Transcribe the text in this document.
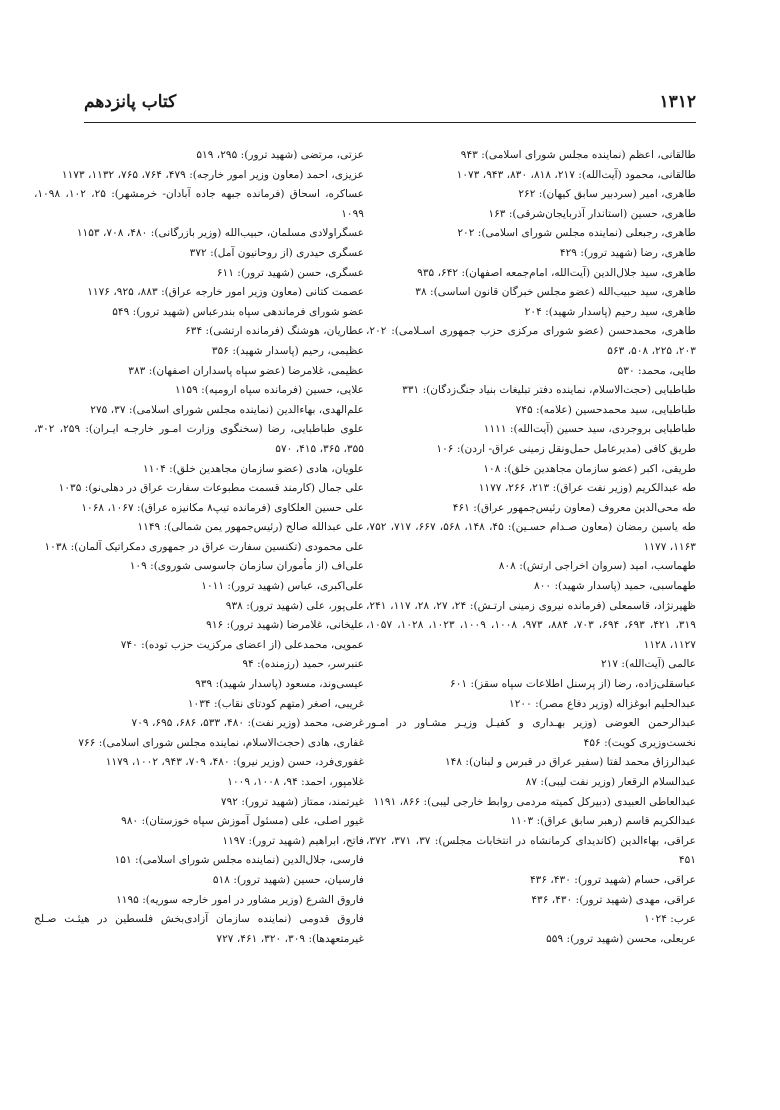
۱۳۱۲
کتاب پانزدهم
طالقانی، اعظم (نماینده مجلس شورای اسلامی): ۹۴۳
طالقانی، محمود (آیت‌الله): ۲۱۷، ۸۱۸، ۸۳۰، ۹۴۳، ۱۰۷۳
طاهری، امیر (سردبیر سابق کیهان): ۲۶۲
طاهری، حسین (استاندار آذربایجان‌شرقی): ۱۶۳
طاهری، رجبعلی (نماینده مجلس شورای اسلامی): ۲۰۲
طاهری، رضا (شهید ترور): ۴۲۹
طاهری، سید جلال‌الدین (آیت‌الله، امام‌جمعه اصفهان): ۶۴۲، ۹۳۵
طاهری، سید حبیب‌الله (عضو مجلس خبرگان قانون اساسی): ۳۸
طاهری، سید رحیم (پاسدار شهید): ۲۰۴
طاهری، محمدحسن (عضو شورای مرکزی حزب جمهوری اسـلامی): ۲۰۲، ۲۰۳، ۲۲۵، ۵۰۸، ۵۶۳
طایی، محمد: ۵۳۰
طباطبایی (حجت‌الاسلام، نماینده دفتر تبلیغات بنیاد جنگ‌زدگان): ۳۳۱
طباطبایی، سید محمدحسین (علامه): ۷۴۵
طباطبایی بروجردی، سید حسین (آیت‌الله): ۱۱۱۱
طریق کافی (مدیرعامل حمل‌ونقل زمینی عراق- اردن): ۱۰۶
طریقی، اکبر (عضو سازمان مجاهدین خلق): ۱۰۸
طه عبدالکریم (وزیر نفت عراق): ۲۱۳، ۲۶۶، ۱۱۷۷
طه محی‌الدین معروف (معاون رئیس‌جمهور عراق): ۴۶۱
طه یاسین رمضان (معاون صـدام حسـین): ۴۵، ۱۴۸، ۵۶۸، ۶۶۷، ۷۱۷، ۷۵۲، ۱۱۶۳، ۱۱۷۷
طهماسب، امید (سروان اخراجی ارتش): ۸۰۸
طهماسبی، حمید (پاسدار شهید): ۸۰۰
ظهیرنژاد، قاسمعلی (فرمانده نیروی زمینی ارتـش): ۲۴، ۲۷، ۲۸، ۱۱۷، ۲۴۱، ۳۱۹، ۴۲۱، ۶۹۳، ۶۹۴، ۷۰۳، ۸۸۴، ۹۷۳، ۱۰۰۸، ۱۰۰۹، ۱۰۲۳، ۱۰۲۸، ۱۰۵۷، ۱۱۲۷، ۱۱۲۸
عالمی (آیت‌الله): ۲۱۷
عباسقلی‌زاده، رضا (از پرسنل اطلاعات سپاه سقز): ۶۰۱
عبدالحلیم ابوغزاله (وزیر دفاع مصر): ۱۲۰۰
عبدالرحمن العوضی (وزیر بهـداری و کفیـل وزیـر مشـاور در امـور نخست‌وزیری کویت): ۴۵۶
عبدالرزاق محمد لفتا (سفیر عراق در قبرس و لبنان): ۱۴۸
عبدالسلام الرقعار (وزیر نفت لیبی): ۸۷
عبدالعاطی العبیدی (دبیرکل کمیته مردمی روابط خارجی لیبی): ۸۶۶، ۱۱۹۱
عبدالکریم قاسم (رهبر سابق عراق): ۱۱۰۳
عراقی، بهاءالدین (کاندیدای کرمانشاه در انتخابات مجلس): ۳۷، ۳۷۱، ۳۷۲، ۴۵۱
عراقی، حسام (شهید ترور): ۴۳۰، ۴۳۶
عراقی، مهدی (شهید ترور): ۴۳۰، ۴۳۶
عرب: ۱۰۲۴
عربعلی، محسن (شهید ترور): ۵۵۹
عزتی، مرتضی (شهید ترور): ۲۹۵، ۵۱۹
عزیزی، احمد (معاون وزیر امور خارجه): ۴۷۹، ۷۶۴، ۷۶۵، ۱۱۳۲، ۱۱۷۳
عساکره، اسحاق (فرمانده جبهه جاده آبادان- خرمشهر): ۲۵، ۱۰۲، ۱۰۹۸، ۱۰۹۹
عسگراولادی مسلمان، حبیب‌الله (وزیر بازرگانی): ۴۸۰، ۷۰۸، ۱۱۵۳
عسگری حیدری (از روحانیون آمل): ۳۷۲
عسگری، حسن (شهید ترور): ۶۱۱
عصمت کتانی (معاون وزیر امور خارجه عراق): ۸۸۳، ۹۲۵، ۱۱۷۶
عضو شورای فرماندهی سپاه بندرعباس (شهید ترور): ۵۴۹
عطاریان، هوشنگ (فرمانده ارتشی): ۶۳۴
عظیمی، رحیم (پاسدار شهید): ۳۵۶
عظیمی، غلامرضا (عضو سپاه پاسداران اصفهان): ۳۸۳
علایی، حسین (فرمانده سپاه ارومیه): ۱۱۵۹
علم‌الهدی، بهاءالدین (نماینده مجلس شورای اسلامی): ۳۷، ۲۷۵
علوی طباطبایی، رضا (سخنگوی وزارت امـور خارجـه ایـران): ۲۵۹، ۳۰۲، ۳۵۵، ۳۶۵، ۴۱۵، ۵۷۰
علویان، هادی (عضو سازمان مجاهدین خلق): ۱۱۰۴
علی جمال (کارمند قسمت مطبوعات سفارت عراق در دهلی‌نو): ۱۰۳۵
علی حسین العلکاوی (فرمانده تیپ۸ مکانیزه عراق): ۱۰۶۷، ۱۰۶۸
علی عبدالله صالح (رئیس‌جمهور یمن شمالی): ۱۱۴۹
علی محمودی (تکنسین سفارت عراق در جمهوری دمکراتیک آلمان): ۱۰۳۸
علی‌اف (از مأموران سازمان جاسوسی شوروی): ۱۰۹
علی‌اکبری، عباس (شهید ترور): ۱۰۱۱
علی‌پور، علی (شهید ترور): ۹۳۸
علیخانی، غلامرضا (شهید ترور): ۹۱۶
عمویی، محمدعلی (از اعضای مرکزیت حزب توده): ۷۴۰
عنبرسر، حمید (رزمنده): ۹۴
عیسی‌وند، مسعود (پاسدار شهید): ۹۳۹
غریبی، اصغر (متهم کودتای نقاب): ۱۰۳۴
غرضی، محمد (وزیر نفت): ۴۸۰، ۵۳۳، ۶۸۶، ۶۹۵، ۷۰۹
غفاری، هادی (حجت‌الاسلام، نماینده مجلس شورای اسلامی): ۷۶۶
غفوری‌فرد، حسن (وزیر نیرو): ۴۸۰، ۷۰۹، ۹۴۳، ۱۰۰۲، ۱۱۷۹
غلامپور، احمد: ۹۴، ۱۰۰۸، ۱۰۰۹
غیرتمند، ممتاز (شهید ترور): ۷۹۲
غیور اصلی، علی (مسئول آموزش سپاه خوزستان): ۹۸۰
فاتح، ابراهیم (شهید ترور): ۱۱۹۷
فارسی، جلال‌الدین (نماینده مجلس شورای اسلامی): ۱۵۱
فارسیان، حسین (شهید ترور): ۵۱۸
فاروق الشرع (وزیر مشاور در امور خارجه سوریه): ۱۱۹۵
فاروق قدومی (نماینده سازمان آزادی‌بخش فلسطین در هیئـت صـلح غیرمتعهدها): ۳۰۹، ۳۲۰، ۴۶۱، ۷۲۷
